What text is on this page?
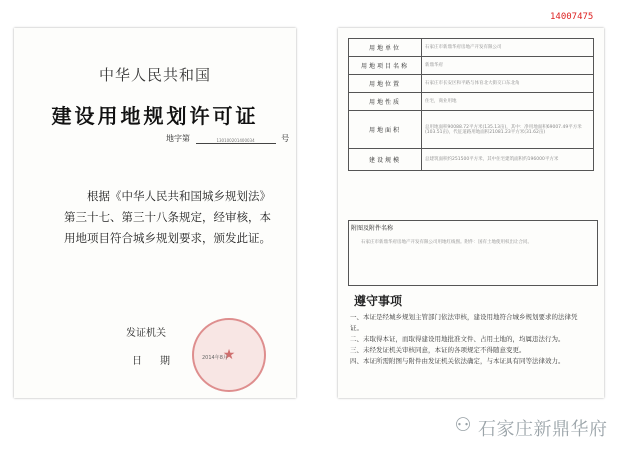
14007475
中华人民共和国
建设用地规划许可证
地字第	130100201400034	号
根据《中华人民共和国城乡规划法》第三十七、第三十八条规定，经审核，本用地项目符合城乡规划要求，颁发此证。
★
发证机关
日期	2014年8月
用地单位	石家庄市新鼎华府房地产开发有限公司
用地项目名称	新鼎华府
用地位置	石家庄市长安区和平路与体育北大街交口东北角
用地性质	住宅，商业用地
用地面积	总用地面积90088.72平方米(135.13亩)，其中：净用地面积69007.49平方米(103.51亩)，代征道路用地面积21081.23平方米(31.62亩)
建设规模	总建筑面积约251500平方米，其中住宅建筑面积约196000平方米
附图及附件名称
石家庄市新鼎华府房地产开发有限公司用地红线图。附件：国有土地使用权出让合同。
遵守事项

一、本证是经城乡规划主管部门依法审核，建设用地符合城乡规划要求的法律凭证。

二、未取得本证，而取得建设用地批准文件、占用土地的，均属违法行为。

三、未经发证机关审核同意，本证的各项规定不得随意变更。

四、本证所需附图与附件由发证机关依法确定，与本证具有同等法律效力。

⚇ 石家庄新鼎华府
